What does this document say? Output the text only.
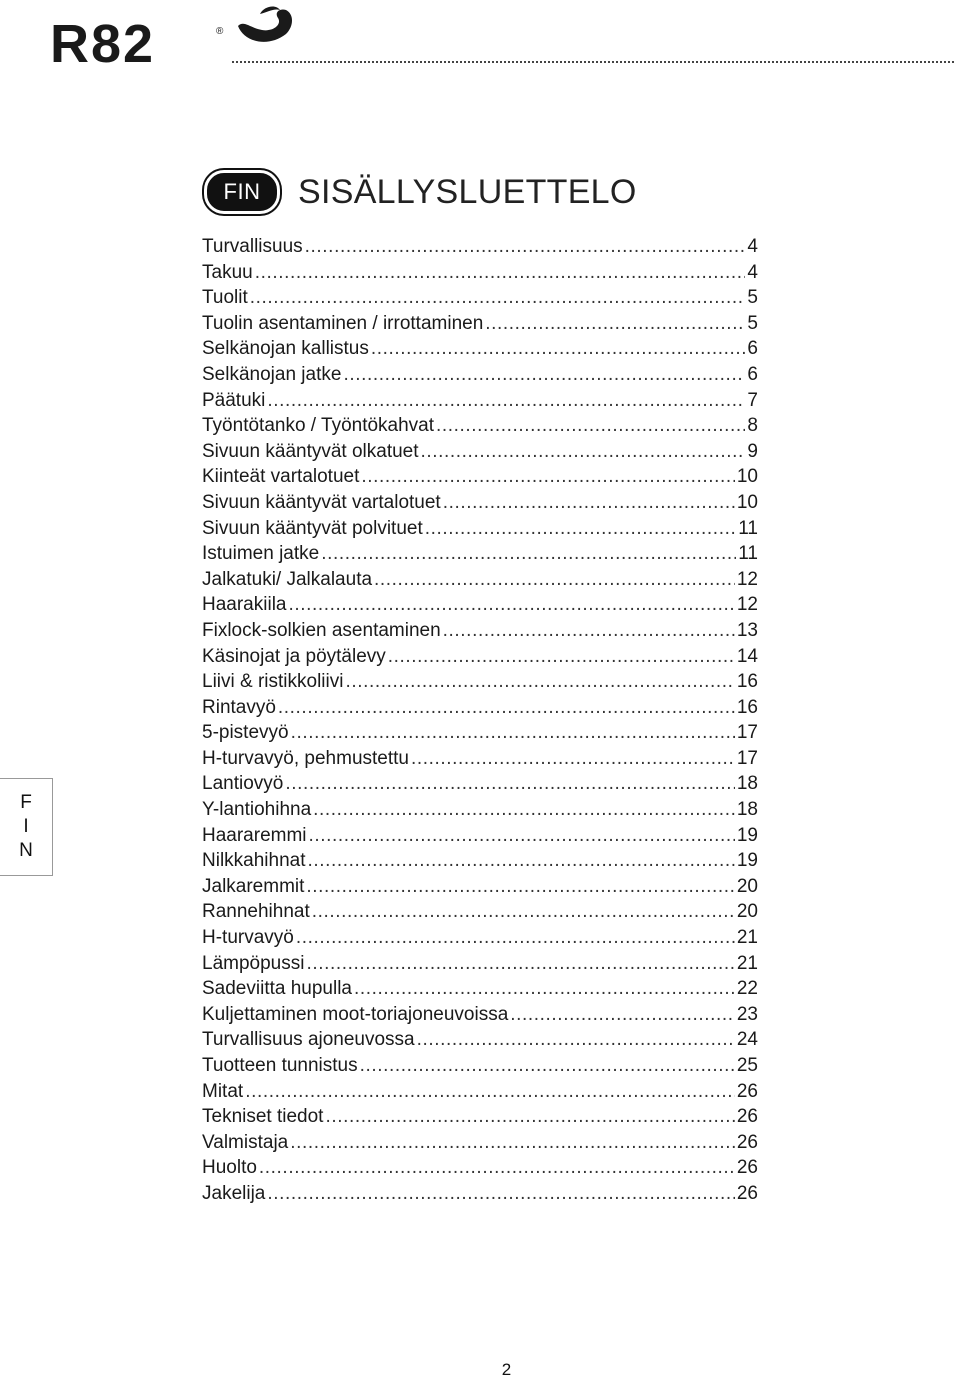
R82	®
FIN	SISÄLLYSLUETTELO
Turvallisuus .....	4
Takuu .....	4
Tuolit .....	5
Tuolin asentaminen / irrottaminen .....	5
Selkänojan kallistus .....	6
Selkänojan jatke .....	6
Päätuki .....	7
Työntötanko / Työntökahvat .....	8
Sivuun kääntyvät olkatuet .....	9
Kiinteät vartalotuet .....	10
Sivuun kääntyvät vartalotuet .....	10
Sivuun kääntyvät polvituet .....	11
Istuimen jatke .....	11
Jalkatuki/ Jalkalauta .....	12
Haarakiila .....	12
Fixlock-solkien asentaminen .....	13
Käsinojat ja pöytälevy .....	14
Liivi & ristikkoliivi .....	16
Rintavyö .....	16
5-pistevyö .....	17
H-turvavyö, pehmustettu .....	17
Lantiovyö .....	18
Y-lantiohihna .....	18
Haararemmi .....	19
Nilkkahihnat .....	19
Jalkaremmit .....	20
Rannehihnat .....	20
H-turvavyö .....	21
Lämpöpussi .....	21
Sadeviitta hupulla .....	22
Kuljettaminen moot-toriajoneuvoissa .....	23
Turvallisuus ajoneuvossa .....	24
Tuotteen tunnistus .....	25
Mitat .....	26
Tekniset tiedot .....	26
Valmistaja .....	26
Huolto .....	26
Jakelija .....	26
F
I
N
2
